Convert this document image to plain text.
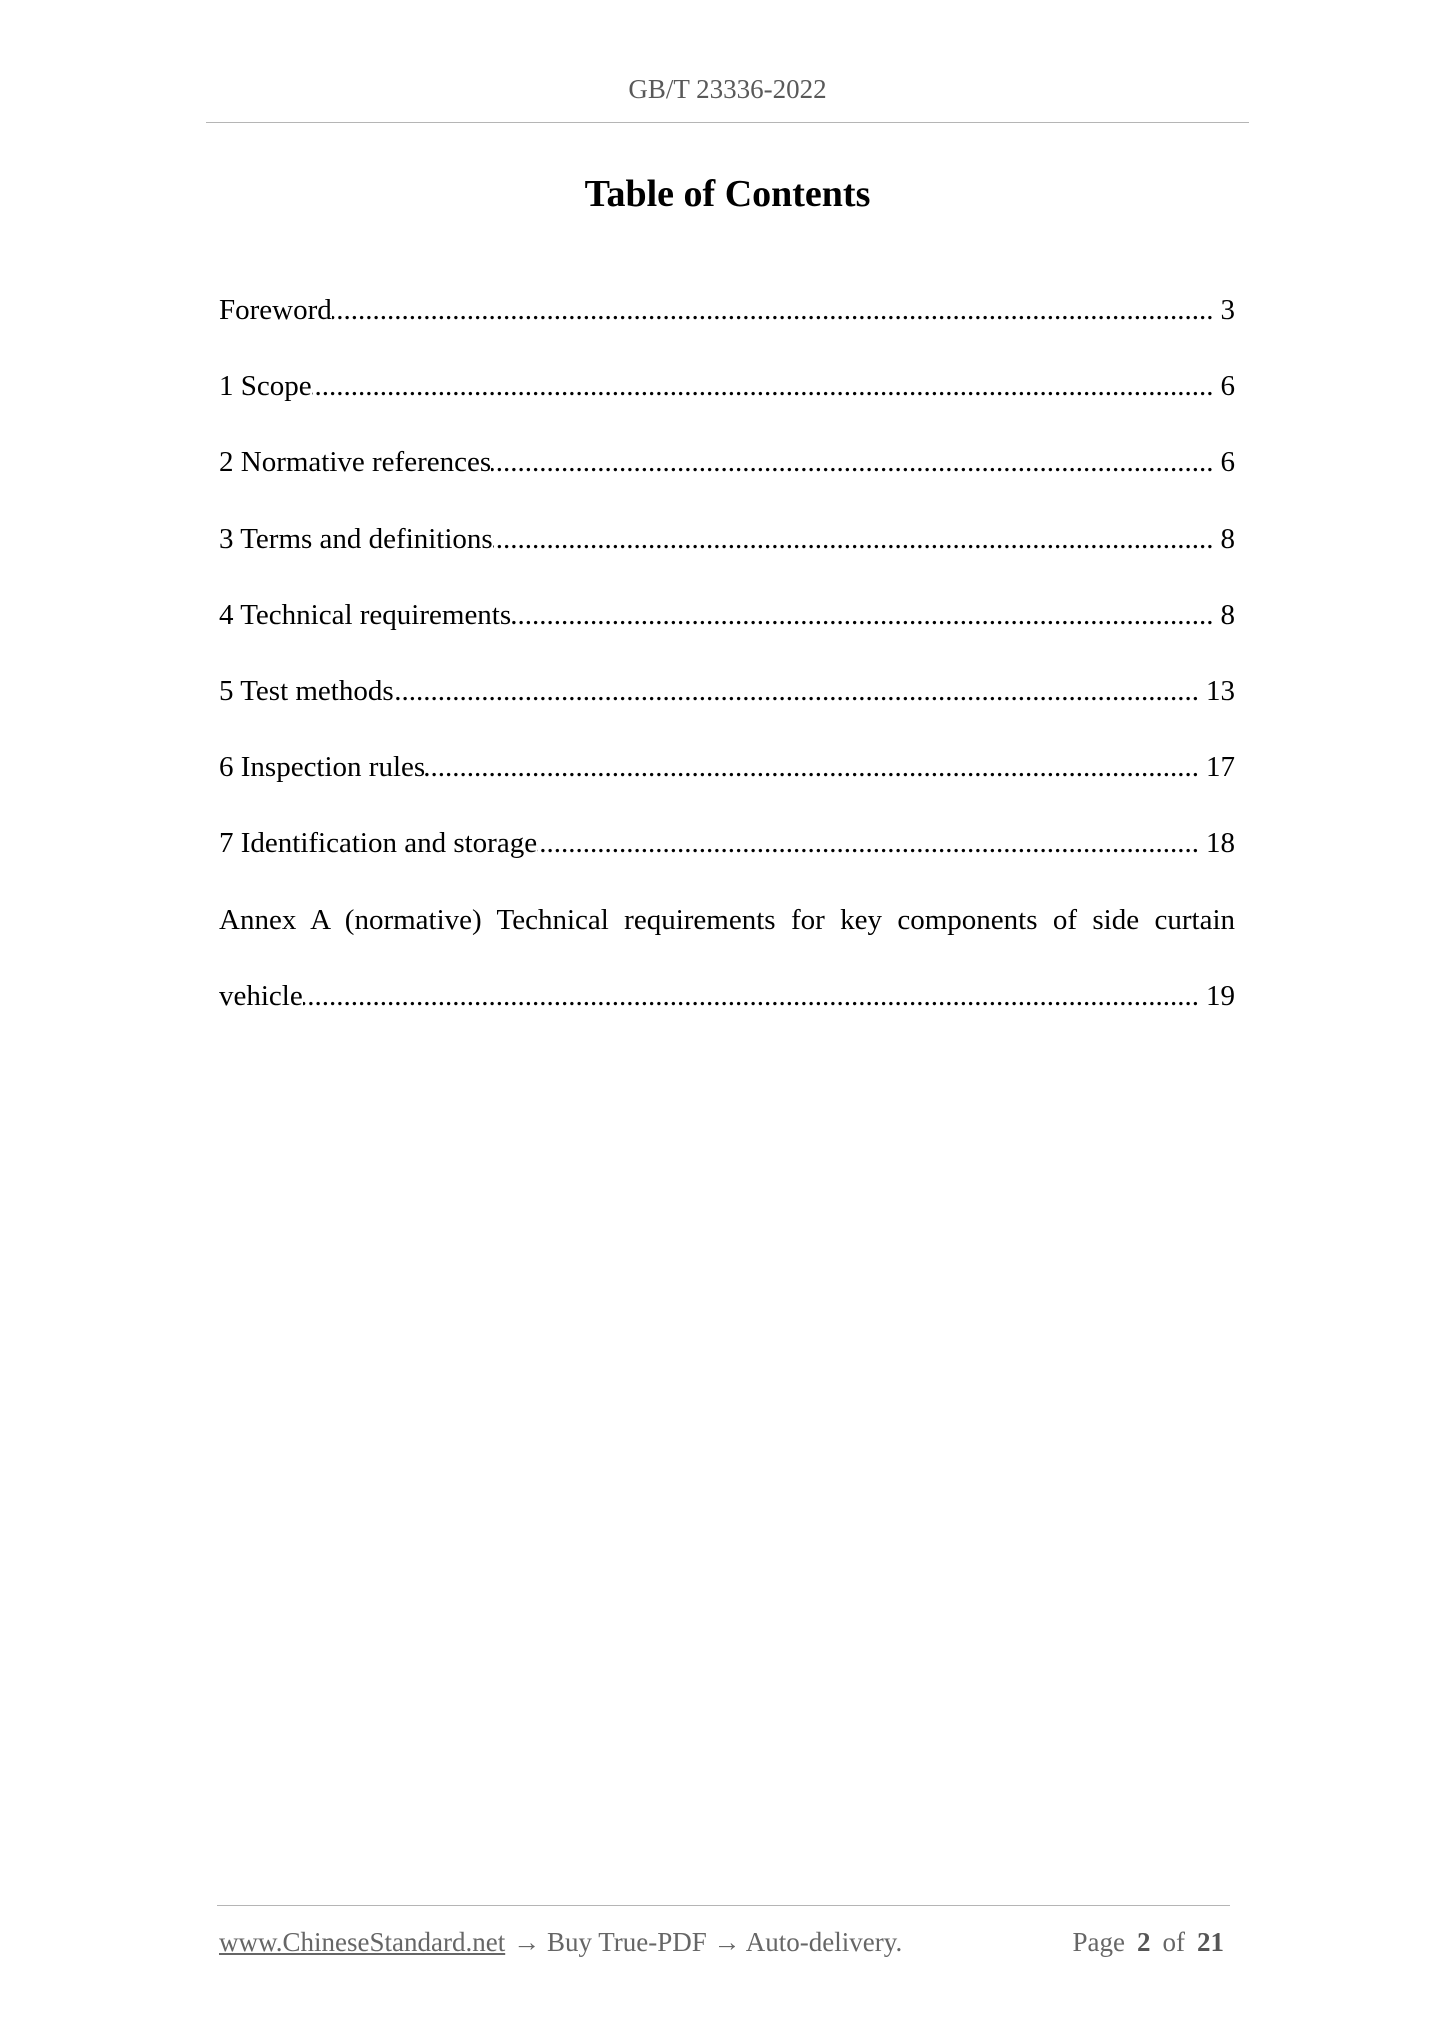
GB/T 23336-2022
Table of Contents
Foreword .....	3
1 Scope .....	6
2 Normative references .....	6
3 Terms and definitions .....	8
4 Technical requirements .....	8
5 Test methods .....	13
6 Inspection rules .....	17
7 Identification and storage .....	18
Annex A (normative) Technical requirements for key components of side curtain
vehicle .....	19
www.ChineseStandard.net → Buy True-PDF → Auto-delivery.	Page 2 of 21
